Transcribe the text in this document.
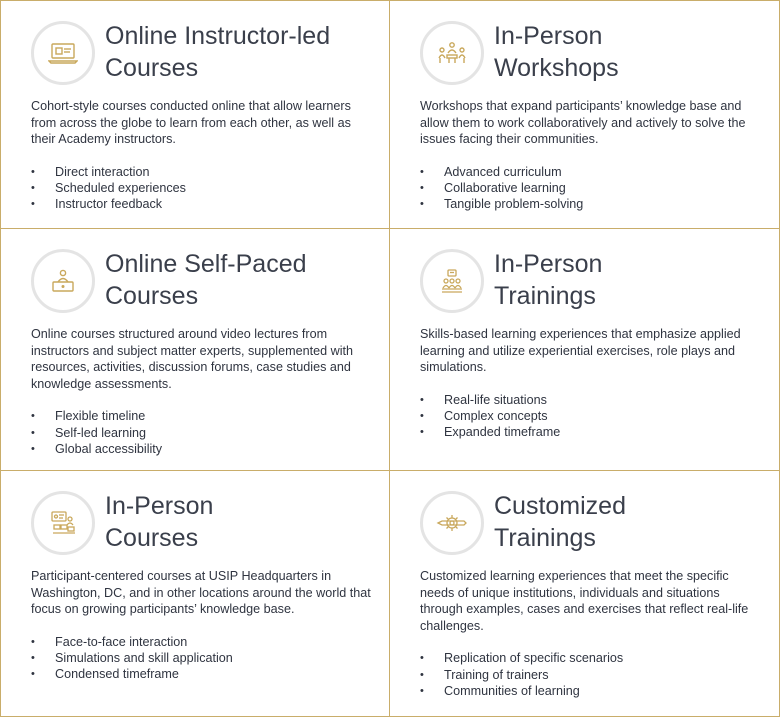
Online Instructor-led
Courses

Cohort-style courses conducted online that allow learners from across the globe to learn from each other, as well as their Academy instructors.

• Direct interaction
• Scheduled experiences
• Instructor feedback
In-Person
Workshops

Workshops that expand participants’ knowledge base and allow them to work collaboratively and actively to solve the issues facing their communities.

• Advanced curriculum
• Collaborative learning
• Tangible problem-solving
Online Self-Paced
Courses

Online courses structured around video lectures from instructors and subject matter experts, supplemented with resources, activities, discussion forums, case studies and knowledge assessments.

• Flexible timeline
• Self-led learning
• Global accessibility
In-Person
Trainings

Skills-based learning experiences that emphasize applied learning and utilize experiential exercises, role plays and simulations.

• Real-life situations
• Complex concepts
• Expanded timeframe
In-Person
Courses

Participant-centered courses at USIP Headquarters in Washington, DC, and in other locations around the world that focus on growing participants’ knowledge base.

• Face-to-face interaction
• Simulations and skill application
• Condensed timeframe
Customized
Trainings

Customized learning experiences that meet the specific needs of unique institutions, individuals and situations through examples, cases and exercises that reflect real-life challenges.

• Replication of specific scenarios
• Training of trainers
• Communities of learning
